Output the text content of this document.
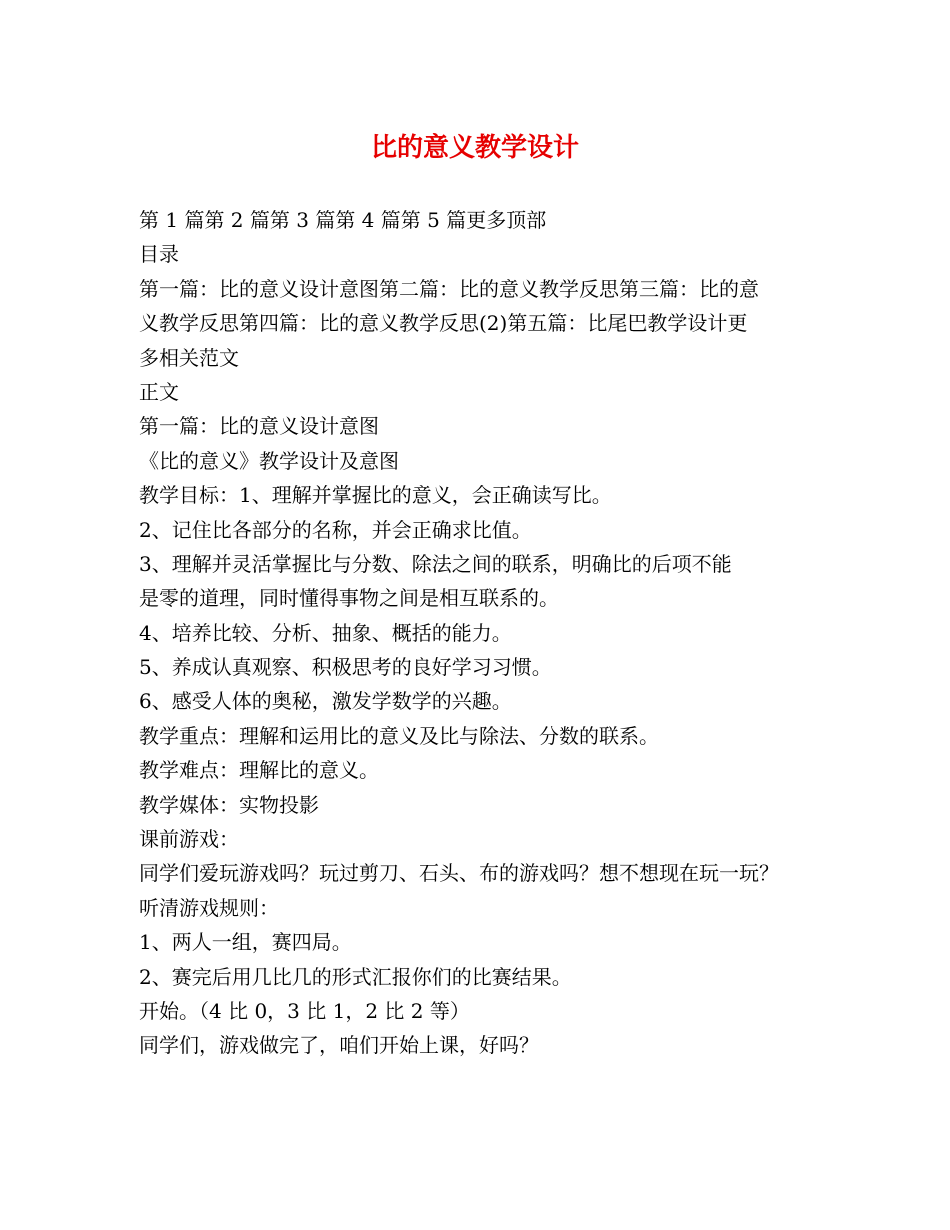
比的意义教学设计
第 1 篇第 2 篇第 3 篇第 4 篇第 5 篇更多顶部
目录
第一篇：比的意义设计意图第二篇：比的意义教学反思第三篇：比的意
义教学反思第四篇：比的意义教学反思(2)第五篇：比尾巴教学设计更
多相关范文
正文
第一篇：比的意义设计意图
《比的意义》教学设计及意图
教学目标：1、理解并掌握比的意义，会正确读写比。
2、记住比各部分的名称，并会正确求比值。
3、理解并灵活掌握比与分数、除法之间的联系，明确比的后项不能
是零的道理，同时懂得事物之间是相互联系的。
4、培养比较、分析、抽象、概括的能力。
5、养成认真观察、积极思考的良好学习习惯。
6、感受人体的奥秘，激发学数学的兴趣。
教学重点：理解和运用比的意义及比与除法、分数的联系。
教学难点：理解比的意义。
教学媒体：实物投影
课前游戏：
同学们爱玩游戏吗？玩过剪刀、石头、布的游戏吗？想不想现在玩一玩？
听清游戏规则：
1、两人一组，赛四局。
2、赛完后用几比几的形式汇报你们的比赛结果。
开始。（4 比 0，3 比 1，2 比 2 等）
同学们，游戏做完了，咱们开始上课，好吗？
